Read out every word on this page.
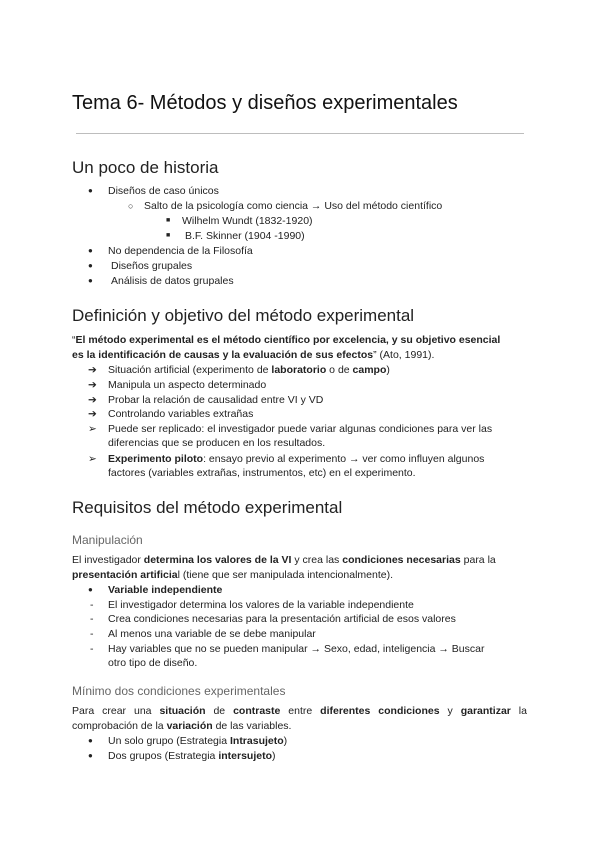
Tema 6- Métodos y diseños experimentales
Un poco de historia
● Diseños de caso únicos
○ Salto de la psicología como ciencia → Uso del método científico
■ Wilhelm Wundt (1832-1920)
■ B.F. Skinner (1904 -1990)
● No dependencia de la Filosofía
● Diseños grupales
● Análisis de datos grupales
Definición y objetivo del método experimental
“El método experimental es el método científico por excelencia, y su objetivo esencial
es la identificación de causas y la evaluación de sus efectos” (Ato, 1991).
➔ Situación artificial (experimento de laboratorio o de campo)
➔ Manipula un aspecto determinado
➔ Probar la relación de causalidad entre VI y VD
➔ Controlando variables extrañas
➢ Puede ser replicado: el investigador puede variar algunas condiciones para ver las
diferencias que se producen en los resultados.
➢ Experimento piloto: ensayo previo al experimento → ver como influyen algunos
factores (variables extrañas, instrumentos, etc) en el experimento.
Requisitos del método experimental
Manipulación

El investigador determina los valores de la VI y crea las condiciones necesarias para la presentación artificial (tiene que ser manipulada intencionalmente).

● Variable independiente
- El investigador determina los valores de la variable independiente
- Crea condiciones necesarias para la presentación artificial de esos valores
- Al menos una variable de se debe manipular
- Hay variables que no se pueden manipular → Sexo, edad, inteligencia → Buscar
otro tipo de diseño.
Mínimo dos condiciones experimentales

Para crear una situación de contraste entre diferentes condiciones y garantizar la comprobación de la variación de las variables.

● Un solo grupo (Estrategia Intrasujeto)
● Dos grupos (Estrategia intersujeto)
